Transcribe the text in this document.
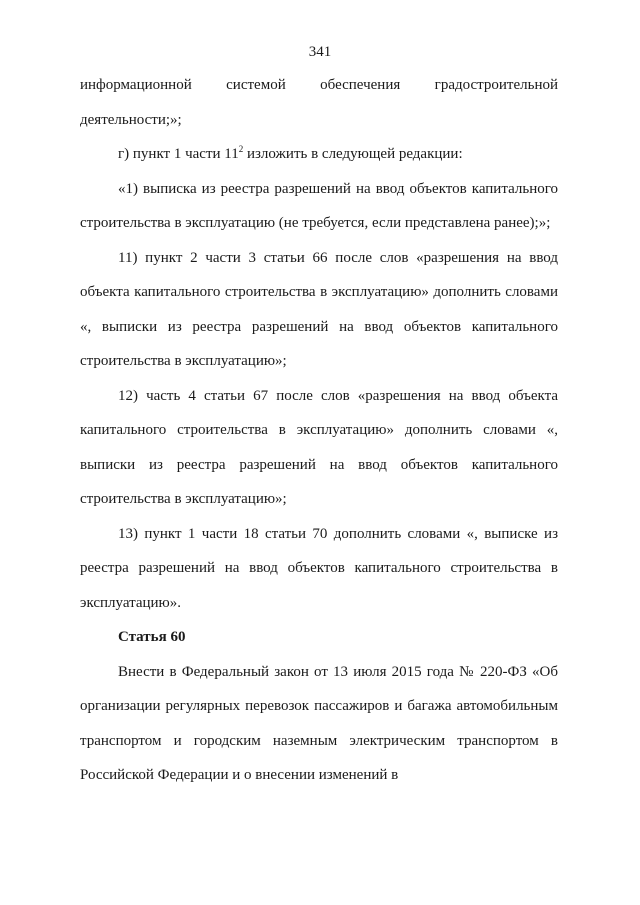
341

информационной системой обеспечения градостроительной деятельности;»;

г) пункт 1 части $11^2$ изложить в следующей редакции:

«1) выписка из реестра разрешений на ввод объектов капитального строительства в эксплуатацию (не требуется, если представлена ранее);»;

11) пункт 2 части 3 статьи 66 после слов «разрешения на ввод объекта капитального строительства в эксплуатацию» дополнить словами «, выписки из реестра разрешений на ввод объектов капитального строительства в эксплуатацию»;

12) часть 4 статьи 67 после слов «разрешения на ввод объекта капитального строительства в эксплуатацию» дополнить словами «, выписки из реестра разрешений на ввод объектов капитального строительства в эксплуатацию»;

13) пункт 1 части 18 статьи 70 дополнить словами «, выписке из реестра разрешений на ввод объектов капитального строительства в эксплуатацию».

Статья 60

Внести в Федеральный закон от 13 июля 2015 года № 220-ФЗ «Об организации регулярных перевозок пассажиров и багажа автомобильным транспортом и городским наземным электрическим транспортом в Российской Федерации и о внесении изменений в
